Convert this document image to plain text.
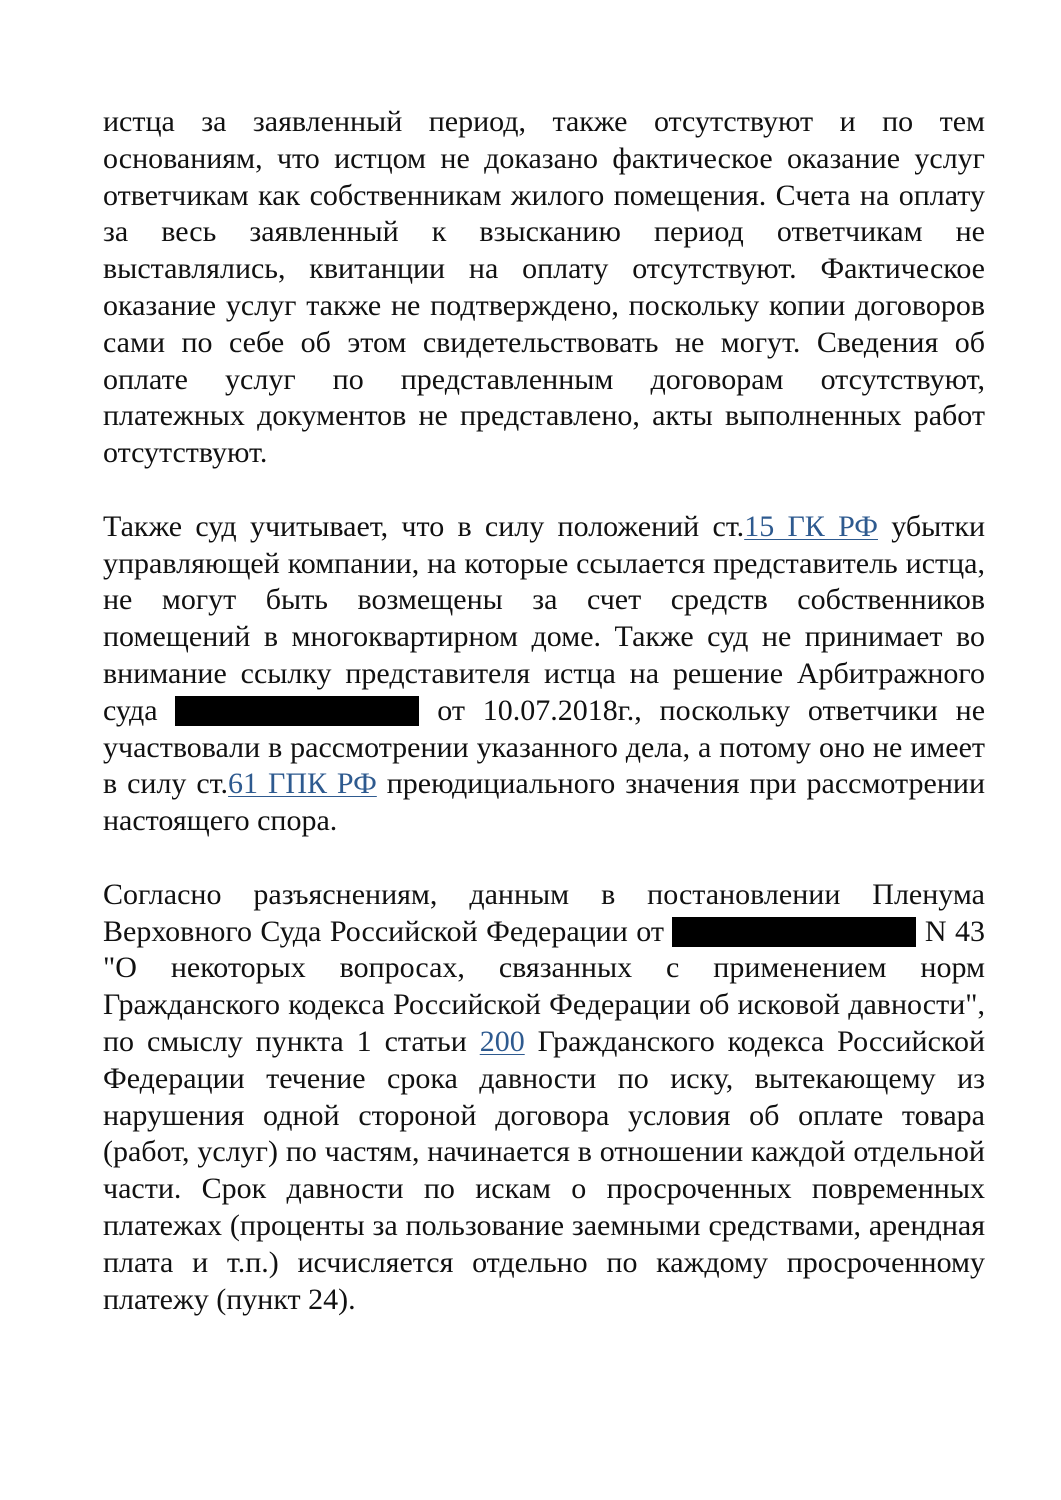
истца за заявленный период, также отсутствуют и по тем основаниям, что истцом не доказано фактическое оказание услуг ответчикам как собственникам жилого помещения. Счета на оплату за весь заявленный к взысканию период ответчикам не выставлялись, квитанции на оплату отсутствуют. Фактическое оказание услуг также не подтверждено, поскольку копии договоров сами по себе об этом свидетельствовать не могут. Сведения об оплате услуг по представленным договорам отсутствуют, платежных документов не представлено, акты выполненных работ отсутствуют.

Также суд учитывает, что в силу положений ст.15 ГК РФ убытки управляющей компании, на которые ссылается представитель истца, не могут быть возмещены за счет средств собственников помещений в многоквартирном доме. Также суд не принимает во внимание ссылку представителя истца на решение Арбитражного суда	от 10.07.2018г., поскольку ответчики не участвовали в рассмотрении указанного дела, а потому оно не имеет в силу ст.61 ГПК РФ преюдициального значения при рассмотрении настоящего спора.

Согласно разъяснениям, данным в постановлении Пленума Верховного Суда Российской Федерации от	N 43 "О некоторых вопросах, связанных с применением норм Гражданского кодекса Российской Федерации об исковой давности", по смыслу пункта 1 статьи 200 Гражданского кодекса Российской Федерации течение срока давности по иску, вытекающему из нарушения одной стороной договора условия об оплате товара (работ, услуг) по частям, начинается в отношении каждой отдельной части. Срок давности по искам о просроченных повременных платежах (проценты за пользование заемными средствами, арендная плата и т.п.) исчисляется отдельно по каждому просроченному платежу (пункт 24).
